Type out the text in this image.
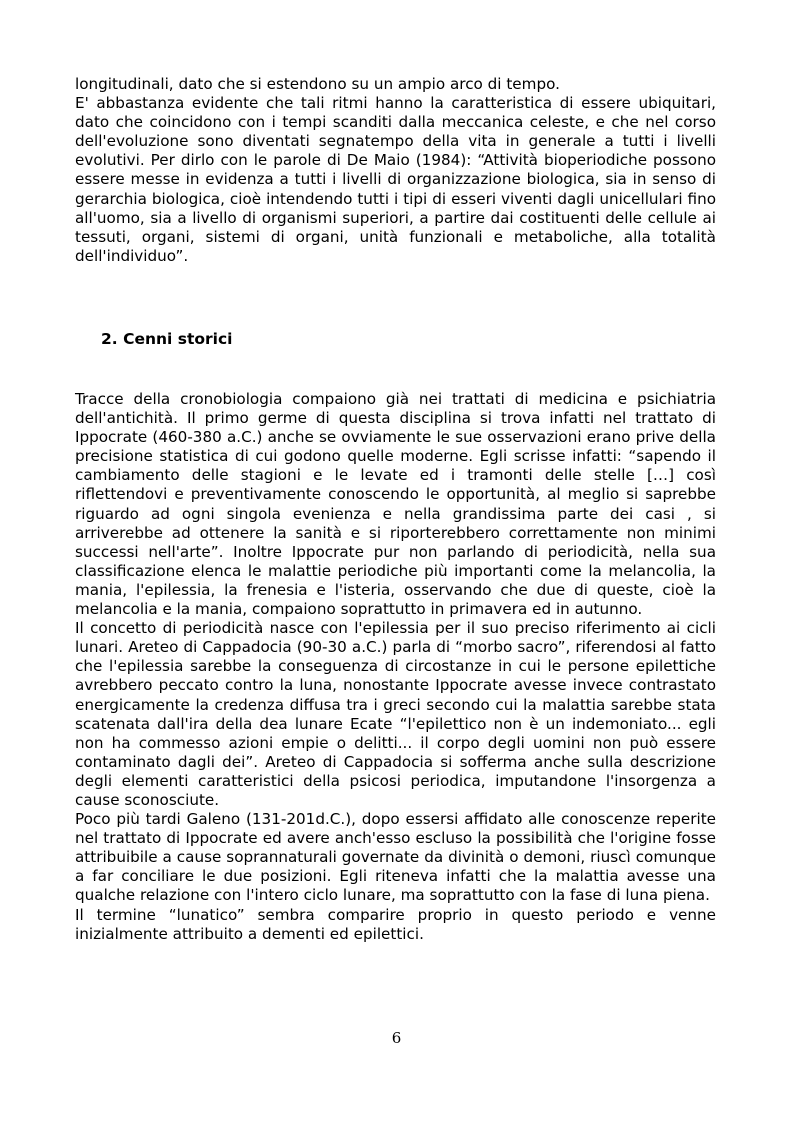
longitudinali, dato che si estendono su un ampio arco di tempo.

E' abbastanza evidente che tali ritmi hanno la caratteristica di essere ubiquitari, dato che coincidono con i tempi scanditi dalla meccanica celeste, e che nel corso dell'evoluzione sono diventati segnatempo della vita in generale a tutti i livelli evolutivi. Per dirlo con le parole di De Maio (1984): “Attività bioperiodiche possono essere messe in evidenza a tutti i livelli di organizzazione biologica, sia in senso di gerarchia biologica, cioè intendendo tutti i tipi di esseri viventi dagli unicellulari fino all'uomo, sia a livello di organismi superiori, a partire dai costituenti delle cellule ai tessuti, organi, sistemi di organi, unità funzionali e metaboliche, alla totalità dell'individuo”.

2. Cenni storici

Tracce della cronobiologia compaiono già nei trattati di medicina e psichiatria dell'antichità. Il primo germe di questa disciplina si trova infatti nel trattato di Ippocrate (460-380 a.C.) anche se ovviamente le sue osservazioni erano prive della precisione statistica di cui godono quelle moderne. Egli scrisse infatti: “sapendo il cambiamento delle stagioni e le levate ed i tramonti delle stelle […] così riflettendovi e preventivamente conoscendo le opportunità, al meglio si saprebbe riguardo ad ogni singola evenienza e nella grandissima parte dei casi , si arriverebbe ad ottenere la sanità e si riporterebbero correttamente non minimi successi nell'arte”. Inoltre Ippocrate pur non parlando di periodicità, nella sua classificazione elenca le malattie periodiche più importanti come la melancolia, la mania, l'epilessia, la frenesia e l'isteria, osservando che due di queste, cioè la melancolia e la mania, compaiono soprattutto in primavera ed in autunno.

Il concetto di periodicità nasce con l'epilessia per il suo preciso riferimento ai cicli lunari. Areteo di Cappadocia (90-30 a.C.) parla di “morbo sacro”, riferendosi al fatto che l'epilessia sarebbe la conseguenza di circostanze in cui le persone epilettiche avrebbero peccato contro la luna, nonostante Ippocrate avesse invece contrastato energicamente la credenza diffusa tra i greci secondo cui la malattia sarebbe stata scatenata dall'ira della dea lunare Ecate “l'epilettico non è un indemoniato... egli non ha commesso azioni empie o delitti... il corpo degli uomini non può essere contaminato dagli dei”. Areteo di Cappadocia si sofferma anche sulla descrizione degli elementi caratteristici della psicosi periodica, imputandone l'insorgenza a cause sconosciute.

Poco più tardi Galeno (131-201d.C.), dopo essersi affidato alle conoscenze reperite nel trattato di Ippocrate ed avere anch'esso escluso la possibilità che l'origine fosse attribuibile a cause soprannaturali governate da divinità o demoni, riuscì comunque a far conciliare le due posizioni. Egli riteneva infatti che la malattia avesse una qualche relazione con l'intero ciclo lunare, ma soprattutto con la fase di luna piena.

Il termine “lunatico” sembra comparire proprio in questo periodo e venne inizialmente attribuito a dementi ed epilettici.

6
